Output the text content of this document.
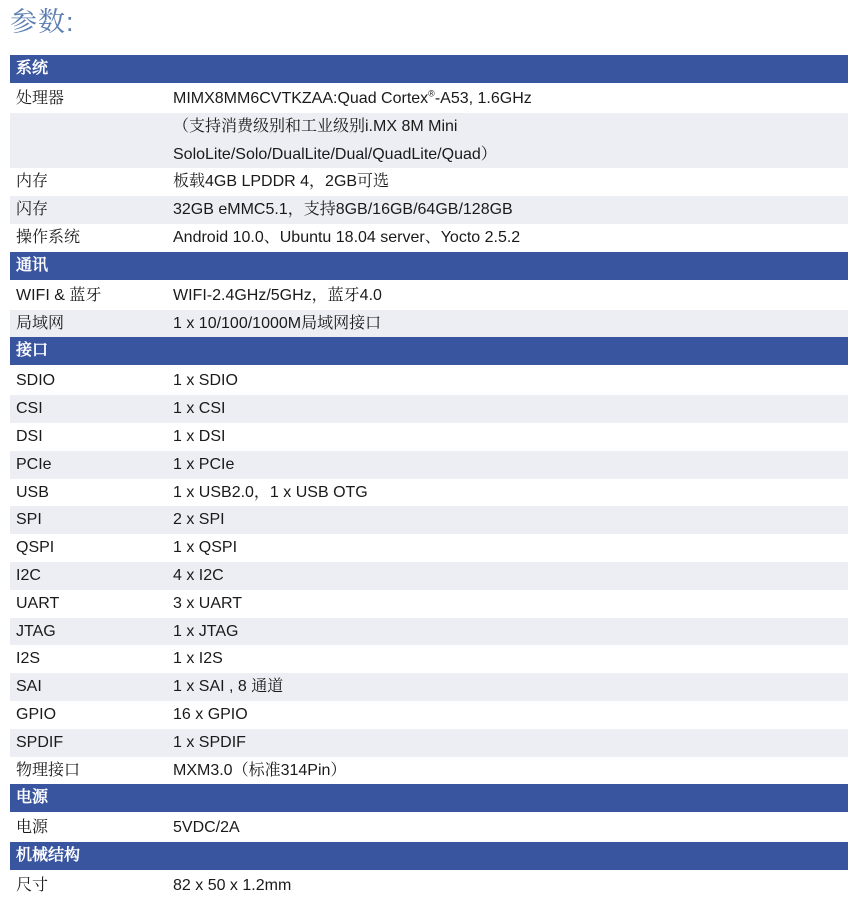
参数:
系统
处理器	MIMX8MM6CVTKZAA:Quad Cortex®-A53, 1.6GHz
（支持消费级别和工业级别i.MX 8M Mini
SoloLite/Solo/DualLite/Dual/QuadLite/Quad）
内存	板载4GB LPDDR 4，2GB可选
闪存	32GB eMMC5.1，支持8GB/16GB/64GB/128GB
操作系统	Android 10.0、Ubuntu 18.04 server、Yocto 2.5.2
通讯
WIFI & 蓝牙	WIFI-2.4GHz/5GHz，蓝牙4.0
局域网	1 x 10/100/1000M局域网接口
接口
SDIO	1 x SDIO
CSI	1 x CSI
DSI	1 x DSI
PCIe	1 x PCIe
USB	1 x USB2.0，1 x USB OTG
SPI	2 x SPI
QSPI	1 x QSPI
I2C	4 x I2C
UART	3 x UART
JTAG	1 x JTAG
I2S	1 x I2S
SAI	1 x SAI , 8 通道
GPIO	16 x GPIO
SPDIF	1 x SPDIF
物理接口	MXM3.0（标准314Pin）
电源
电源	5VDC/2A
机械结构
尺寸	82 x 50 x 1.2mm
